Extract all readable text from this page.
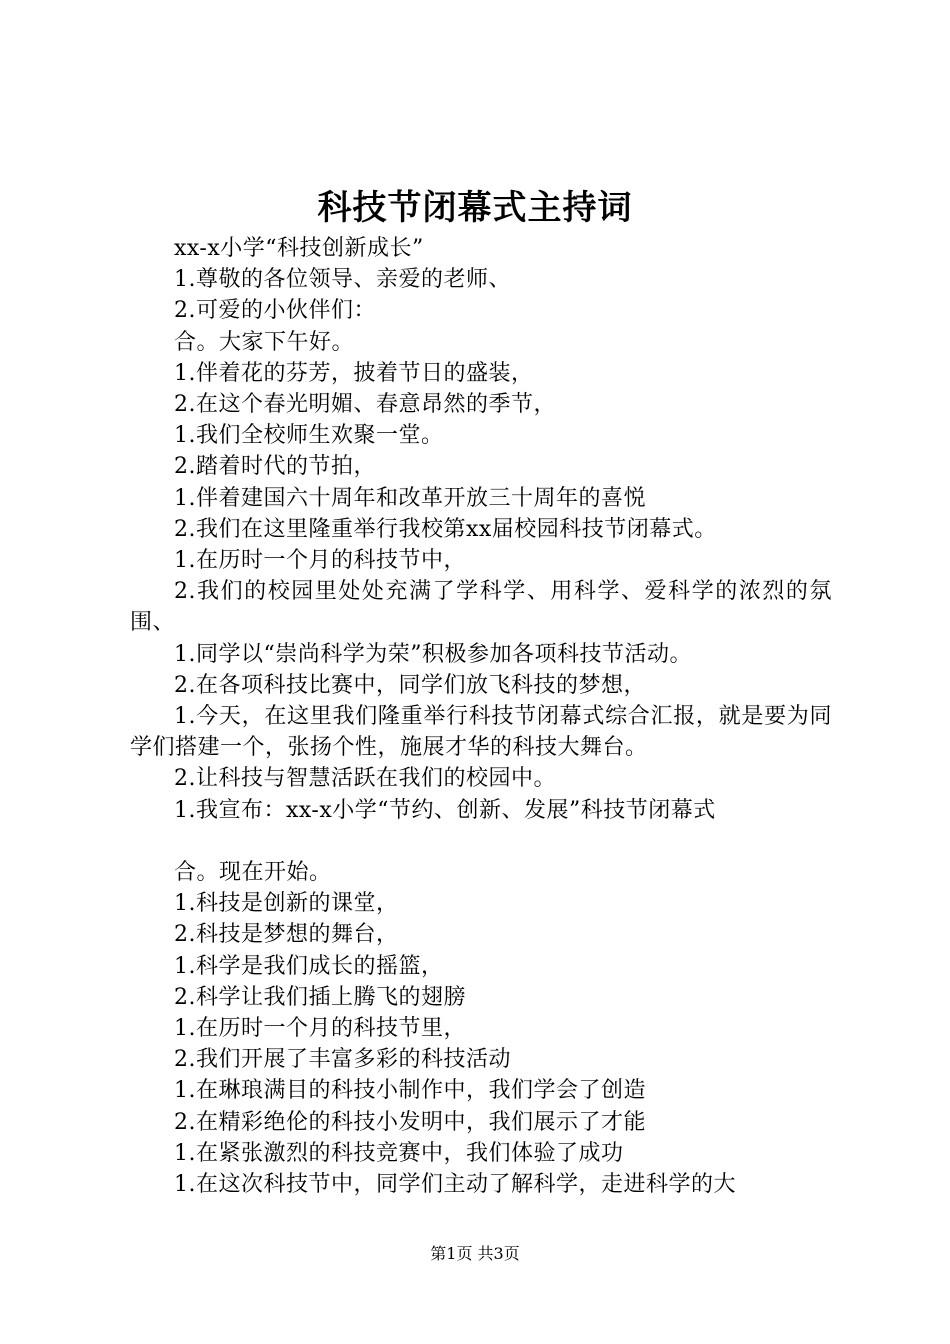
科技节闭幕式主持词

xx-x小学“科技创新成长”

1.尊敬的各位领导、亲爱的老师、

2.可爱的小伙伴们：

合。大家下午好。

1.伴着花的芬芳，披着节日的盛装，

2.在这个春光明媚、春意昂然的季节，

1.我们全校师生欢聚一堂。

2.踏着时代的节拍，

1.伴着建国六十周年和改革开放三十周年的喜悦

2.我们在这里隆重举行我校第xx届校园科技节闭幕式。

1.在历时一个月的科技节中，

2.我们的校园里处处充满了学科学、用科学、爱科学的浓烈的氛围、

1.同学以“崇尚科学为荣”积极参加各项科技节活动。

2.在各项科技比赛中，同学们放飞科技的梦想，

1.今天，在这里我们隆重举行科技节闭幕式综合汇报，就是要为同学们搭建一个，张扬个性，施展才华的科技大舞台。

2.让科技与智慧活跃在我们的校园中。

1.我宣布：xx-x小学“节约、创新、发展”科技节闭幕式

合。现在开始。

1.科技是创新的课堂，

2.科技是梦想的舞台，

1.科学是我们成长的摇篮，

2.科学让我们插上腾飞的翅膀

1.在历时一个月的科技节里，

2.我们开展了丰富多彩的科技活动

1.在琳琅满目的科技小制作中，我们学会了创造

2.在精彩绝伦的科技小发明中，我们展示了才能

1.在紧张激烈的科技竞赛中，我们体验了成功

1.在这次科技节中，同学们主动了解科学，走进科学的大

第1页 共3页
